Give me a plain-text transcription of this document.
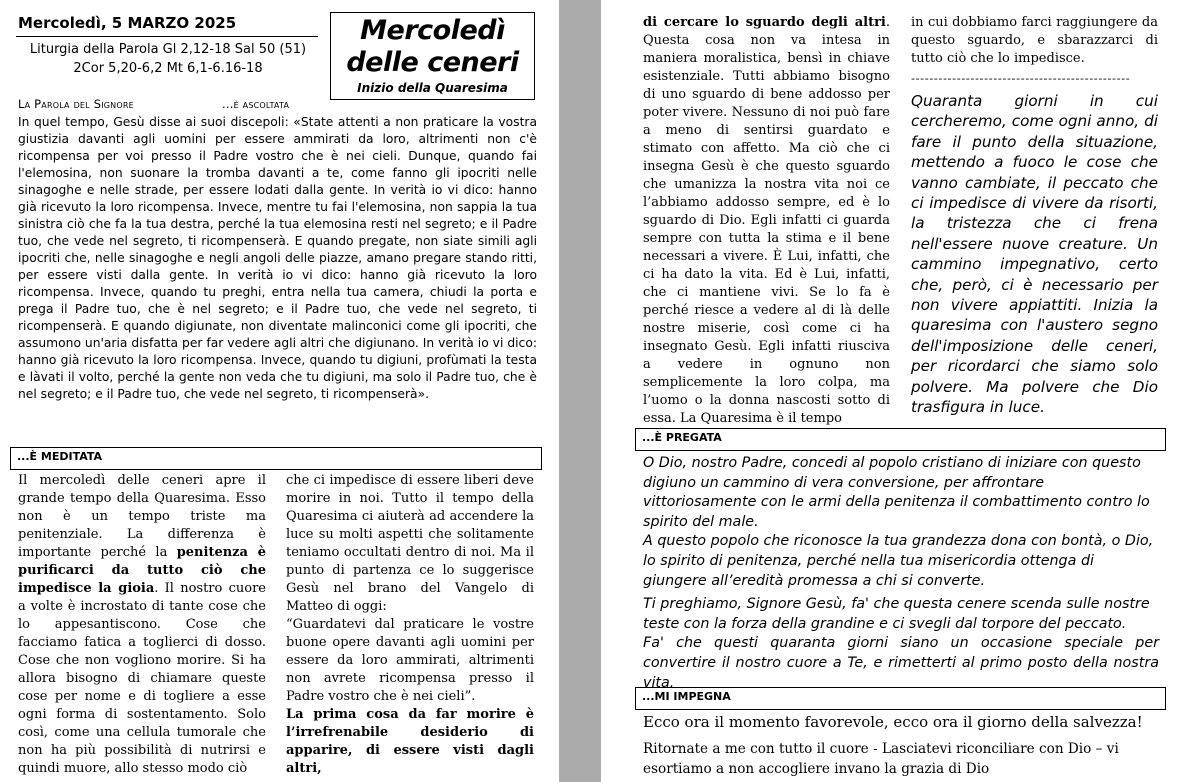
Mercoledì, 5 MARZO 2025
Liturgia della Parola Gl 2,12-18 Sal 50 (51)
2Cor 5,20-6,2 Mt 6,1-6.16-18
Mercoledì
delle ceneri
Inizio della Quaresima
La Parola del Signore	...è ascoltata

In quel tempo, Gesù disse ai suoi discepoli: «State attenti a non praticare la vostra giustizia davanti agli uomini per essere ammirati da loro, altrimenti non c'è ricompensa per voi presso il Padre vostro che è nei cieli. Dunque, quando fai l'elemosina, non suonare la tromba davanti a te, come fanno gli ipocriti nelle sinagoghe e nelle strade, per essere lodati dalla gente. In verità io vi dico: hanno già ricevuto la loro ricompensa. Invece, mentre tu fai l'elemosina, non sappia la tua sinistra ciò che fa la tua destra, perché la tua elemosina resti nel segreto; e il Padre tuo, che vede nel segreto, ti ricompenserà. E quando pregate, non siate simili agli ipocriti che, nelle sinagoghe e negli angoli delle piazze, amano pregare stando ritti, per essere visti dalla gente. In verità io vi dico: hanno già ricevuto la loro ricompensa. Invece, quando tu preghi, entra nella tua camera, chiudi la porta e prega il Padre tuo, che è nel segreto; e il Padre tuo, che vede nel segreto, ti ricompenserà. E quando digiunate, non diventate malinconici come gli ipocriti, che assumono un'aria disfatta per far vedere agli altri che digiunano. In verità io vi dico: hanno già ricevuto la loro ricompensa. Invece, quando tu digiuni, profùmati la testa e làvati il volto, perché la gente non veda che tu digiuni, ma solo il Padre tuo, che è nel segreto; e il Padre tuo, che vede nel segreto, ti ricompenserà».

...È MEDITATA

Il mercoledì delle ceneri apre il grande tempo della Quaresima. Esso non è un tempo triste ma penitenziale. La differenza è importante perché la penitenza è purificarci da tutto ciò che impedisce la gioia. Il nostro cuore a volte è incrostato di tante cose che lo appesantiscono. Cose che facciamo fatica a toglierci di dosso. Cose che non vogliono morire. Si ha allora bisogno di chiamare queste cose per nome e di togliere a esse ogni forma di sostentamento. Solo così, come una cellula tumorale che non ha più possibilità di nutrirsi e quindi muore, allo stesso modo ciò

che ci impedisce di essere liberi deve morire in noi. Tutto il tempo della Quaresima ci aiuterà ad accendere la luce su molti aspetti che solitamente teniamo occultati dentro di noi. Ma il punto di partenza ce lo suggerisce Gesù nel brano del Vangelo di Matteo di oggi:

“Guardatevi dal praticare le vostre buone opere davanti agli uomini per essere da loro ammirati, altrimenti non avrete ricompensa presso il Padre vostro che è nei cieli”.

La prima cosa da far morire è l’irrefrenabile desiderio di apparire, di essere visti dagli altri,

di cercare lo sguardo degli altri. Questa cosa non va intesa in maniera moralistica, bensì in chiave esistenziale. Tutti abbiamo bisogno di uno sguardo di bene addosso per poter vivere. Nessuno di noi può fare a meno di sentirsi guardato e stimato con affetto. Ma ciò che ci insegna Gesù è che questo sguardo che umanizza la nostra vita noi ce l’abbiamo addosso sempre, ed è lo sguardo di Dio. Egli infatti ci guarda sempre con tutta la stima e il bene necessari a vivere. È Lui, infatti, che ci ha dato la vita. Ed è Lui, infatti, che ci mantiene vivi. Se lo fa è perché riesce a vedere al di là delle nostre miserie, così come ci ha insegnato Gesù. Egli infatti riusciva a vedere in ognuno non semplicemente la loro colpa, ma l’uomo o la donna nascosti sotto di essa. La Quaresima è il tempo

in cui dobbiamo farci raggiungere da questo sguardo, e sbarazzarci di tutto ciò che lo impedisce.

------------------------------------------------

Quaranta giorni in cui cercheremo, come ogni anno, di fare il punto della situazione, mettendo a fuoco le cose che vanno cambiate, il peccato che ci impedisce di vivere da risorti, la tristezza che ci frena nell'essere nuove creature. Un cammino impegnativo, certo che, però, ci è necessario per non vivere appiattiti. Inizia la quaresima con l'austero segno dell'imposizione delle ceneri, per ricordarci che siamo solo polvere. Ma polvere che Dio trasfigura in luce.

...È PREGATA

O Dio, nostro Padre, concedi al popolo cristiano di iniziare con questo digiuno un cammino di vera conversione, per affrontare vittoriosamente con le armi della penitenza il combattimento contro lo spirito del male.

A questo popolo che riconosce la tua grandezza dona con bontà, o Dio, lo spirito di penitenza, perché nella tua misericordia ottenga di giungere all’eredità promessa a chi si converte.

Ti preghiamo, Signore Gesù, fa' che questa cenere scenda sulle nostre teste con la forza della grandine e ci svegli dal torpore del peccato.

Fa' che questi quaranta giorni siano un occasione speciale per convertire il nostro cuore a Te, e rimetterti al primo posto della nostra vita.

...MI IMPEGNA

Ecco ora il momento favorevole, ecco ora il giorno della salvezza!

Ritornate a me con tutto il cuore - Lasciatevi riconciliare con Dio – vi esortiamo a non accogliere invano la grazia di Dio
